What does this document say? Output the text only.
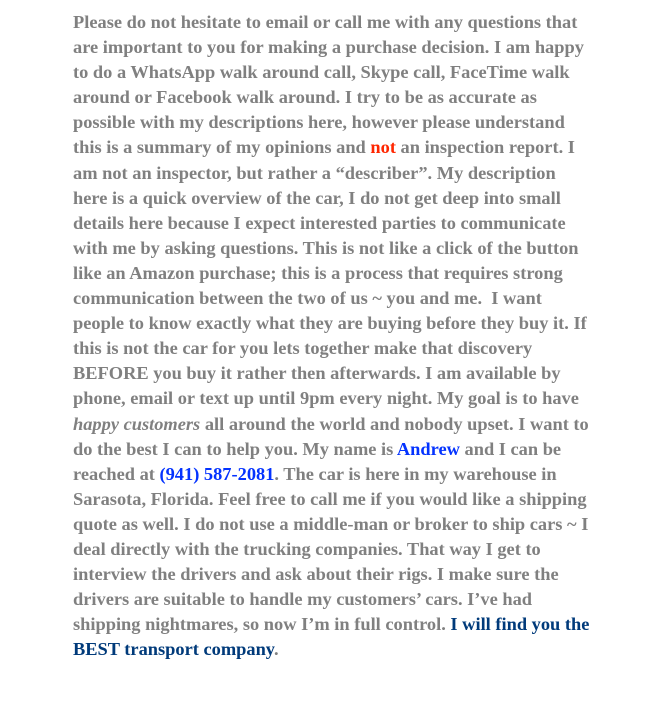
Please do not hesitate to email or call me with any questions that are important to you for making a purchase decision. I am happy to do a WhatsApp walk around call, Skype call, FaceTime walk around or Facebook walk around. I try to be as accurate as possible with my descriptions here, however please understand this is a summary of my opinions and not an inspection report. I am not an inspector, but rather a “describer”. My description here is a quick overview of the car, I do not get deep into small details here because I expect interested parties to communicate with me by asking questions. This is not like a click of the button like an Amazon purchase; this is a process that requires strong communication between the two of us ~ you and me.  I want people to know exactly what they are buying before they buy it. If this is not the car for you lets together make that discovery BEFORE you buy it rather then afterwards. I am available by phone, email or text up until 9pm every night. My goal is to have happy customers all around the world and nobody upset. I want to do the best I can to help you. My name is Andrew and I can be reached at (941) 587-2081. The car is here in my warehouse in Sarasota, Florida. Feel free to call me if you would like a shipping quote as well. I do not use a middle-man or broker to ship cars ~ I deal directly with the trucking companies. That way I get to interview the drivers and ask about their rigs. I make sure the drivers are suitable to handle my customers’ cars. I’ve had shipping nightmares, so now I’m in full control. I will find you the BEST transport company.
